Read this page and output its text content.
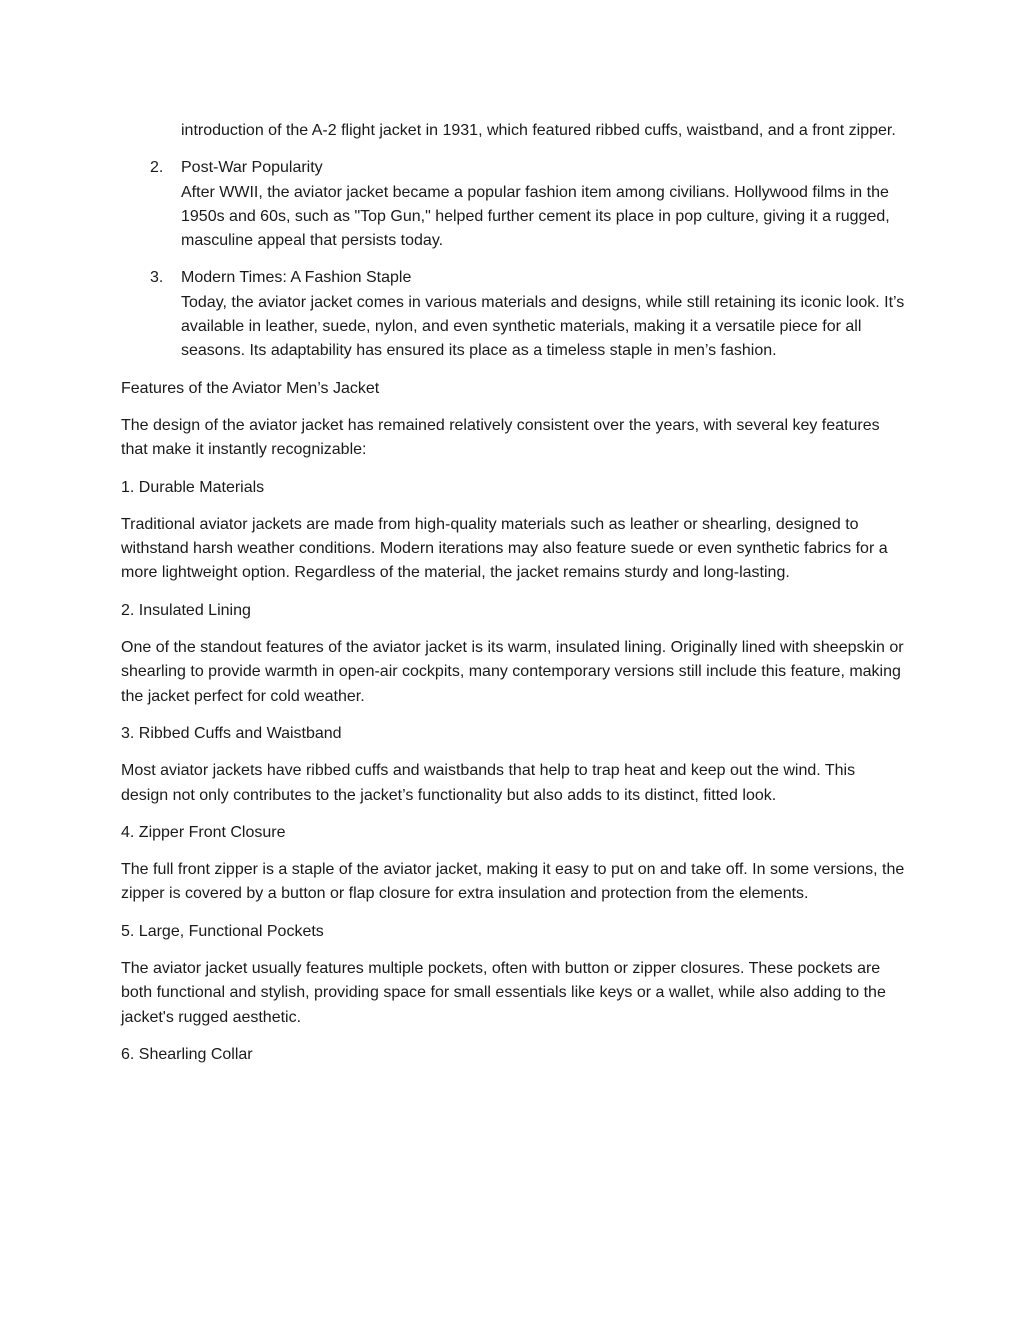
introduction of the A-2 flight jacket in 1931, which featured ribbed cuffs, waistband, and a front zipper.

2. Post-War Popularity
After WWII, the aviator jacket became a popular fashion item among civilians. Hollywood films in the 1950s and 60s, such as "Top Gun," helped further cement its place in pop culture, giving it a rugged, masculine appeal that persists today.
3. Modern Times: A Fashion Staple
Today, the aviator jacket comes in various materials and designs, while still retaining its iconic look. It’s available in leather, suede, nylon, and even synthetic materials, making it a versatile piece for all seasons. Its adaptability has ensured its place as a timeless staple in men’s fashion.

Features of the Aviator Men’s Jacket

The design of the aviator jacket has remained relatively consistent over the years, with several key features that make it instantly recognizable:

1. Durable Materials

Traditional aviator jackets are made from high-quality materials such as leather or shearling, designed to withstand harsh weather conditions. Modern iterations may also feature suede or even synthetic fabrics for a more lightweight option. Regardless of the material, the jacket remains sturdy and long-lasting.

2. Insulated Lining

One of the standout features of the aviator jacket is its warm, insulated lining. Originally lined with sheepskin or shearling to provide warmth in open-air cockpits, many contemporary versions still include this feature, making the jacket perfect for cold weather.

3. Ribbed Cuffs and Waistband

Most aviator jackets have ribbed cuffs and waistbands that help to trap heat and keep out the wind. This design not only contributes to the jacket’s functionality but also adds to its distinct, fitted look.

4. Zipper Front Closure

The full front zipper is a staple of the aviator jacket, making it easy to put on and take off. In some versions, the zipper is covered by a button or flap closure for extra insulation and protection from the elements.

5. Large, Functional Pockets

The aviator jacket usually features multiple pockets, often with button or zipper closures. These pockets are both functional and stylish, providing space for small essentials like keys or a wallet, while also adding to the jacket's rugged aesthetic.

6. Shearling Collar
